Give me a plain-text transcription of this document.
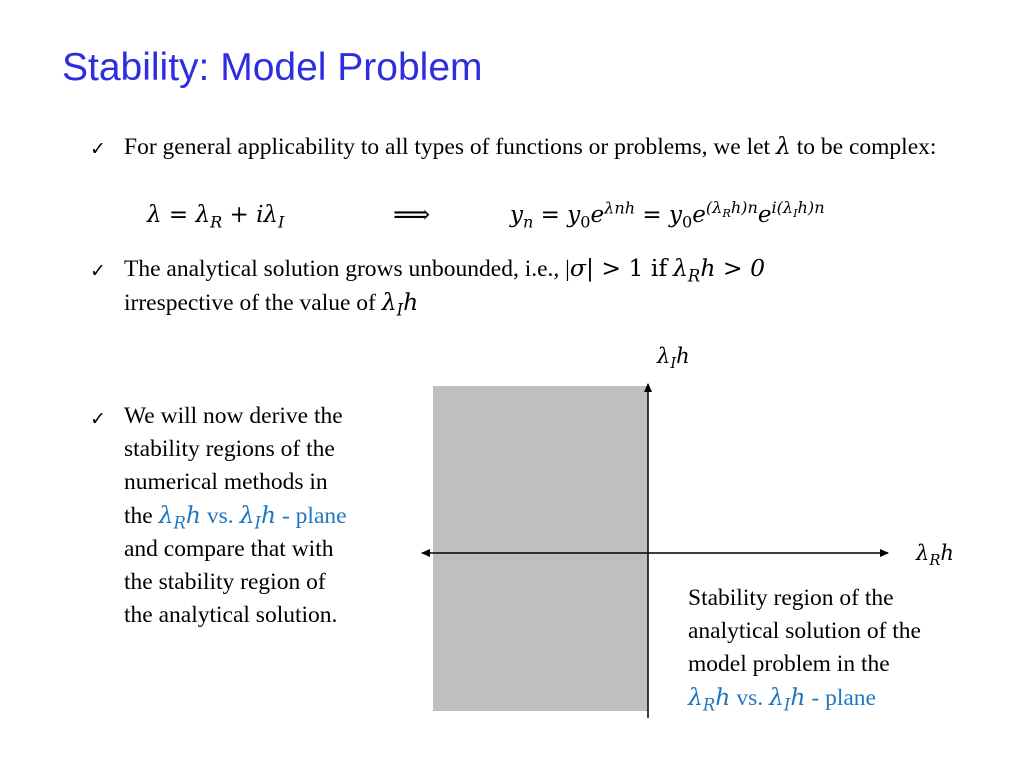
Stability: Model Problem
✓ For general applicability to all types of functions or problems, we let λ to be complex:
$\lambda = \lambda_R + i\lambda_I$	⟹	$y_n = y_0e^{\lambda nh} = y_0e^{(\lambda_Rh)n}e^{i(\lambda_Ih)n}$
✓ The analytical solution grows unbounded, i.e., |σ| > 1 if $\lambda_Rh > 0$
irrespective of the value of $\lambda_Ih$
✓ We will now derive the
stability regions of the
numerical methods in
the $\lambda_Rh$ vs. $\lambda_Ih$ - plane
and compare that with
the stability region of
the analytical solution.
$\lambda_Ih$
$\lambda_Rh$
Stability region of the
analytical solution of the
model problem in the
$\lambda_Rh$ vs. $\lambda_Ih$ - plane
